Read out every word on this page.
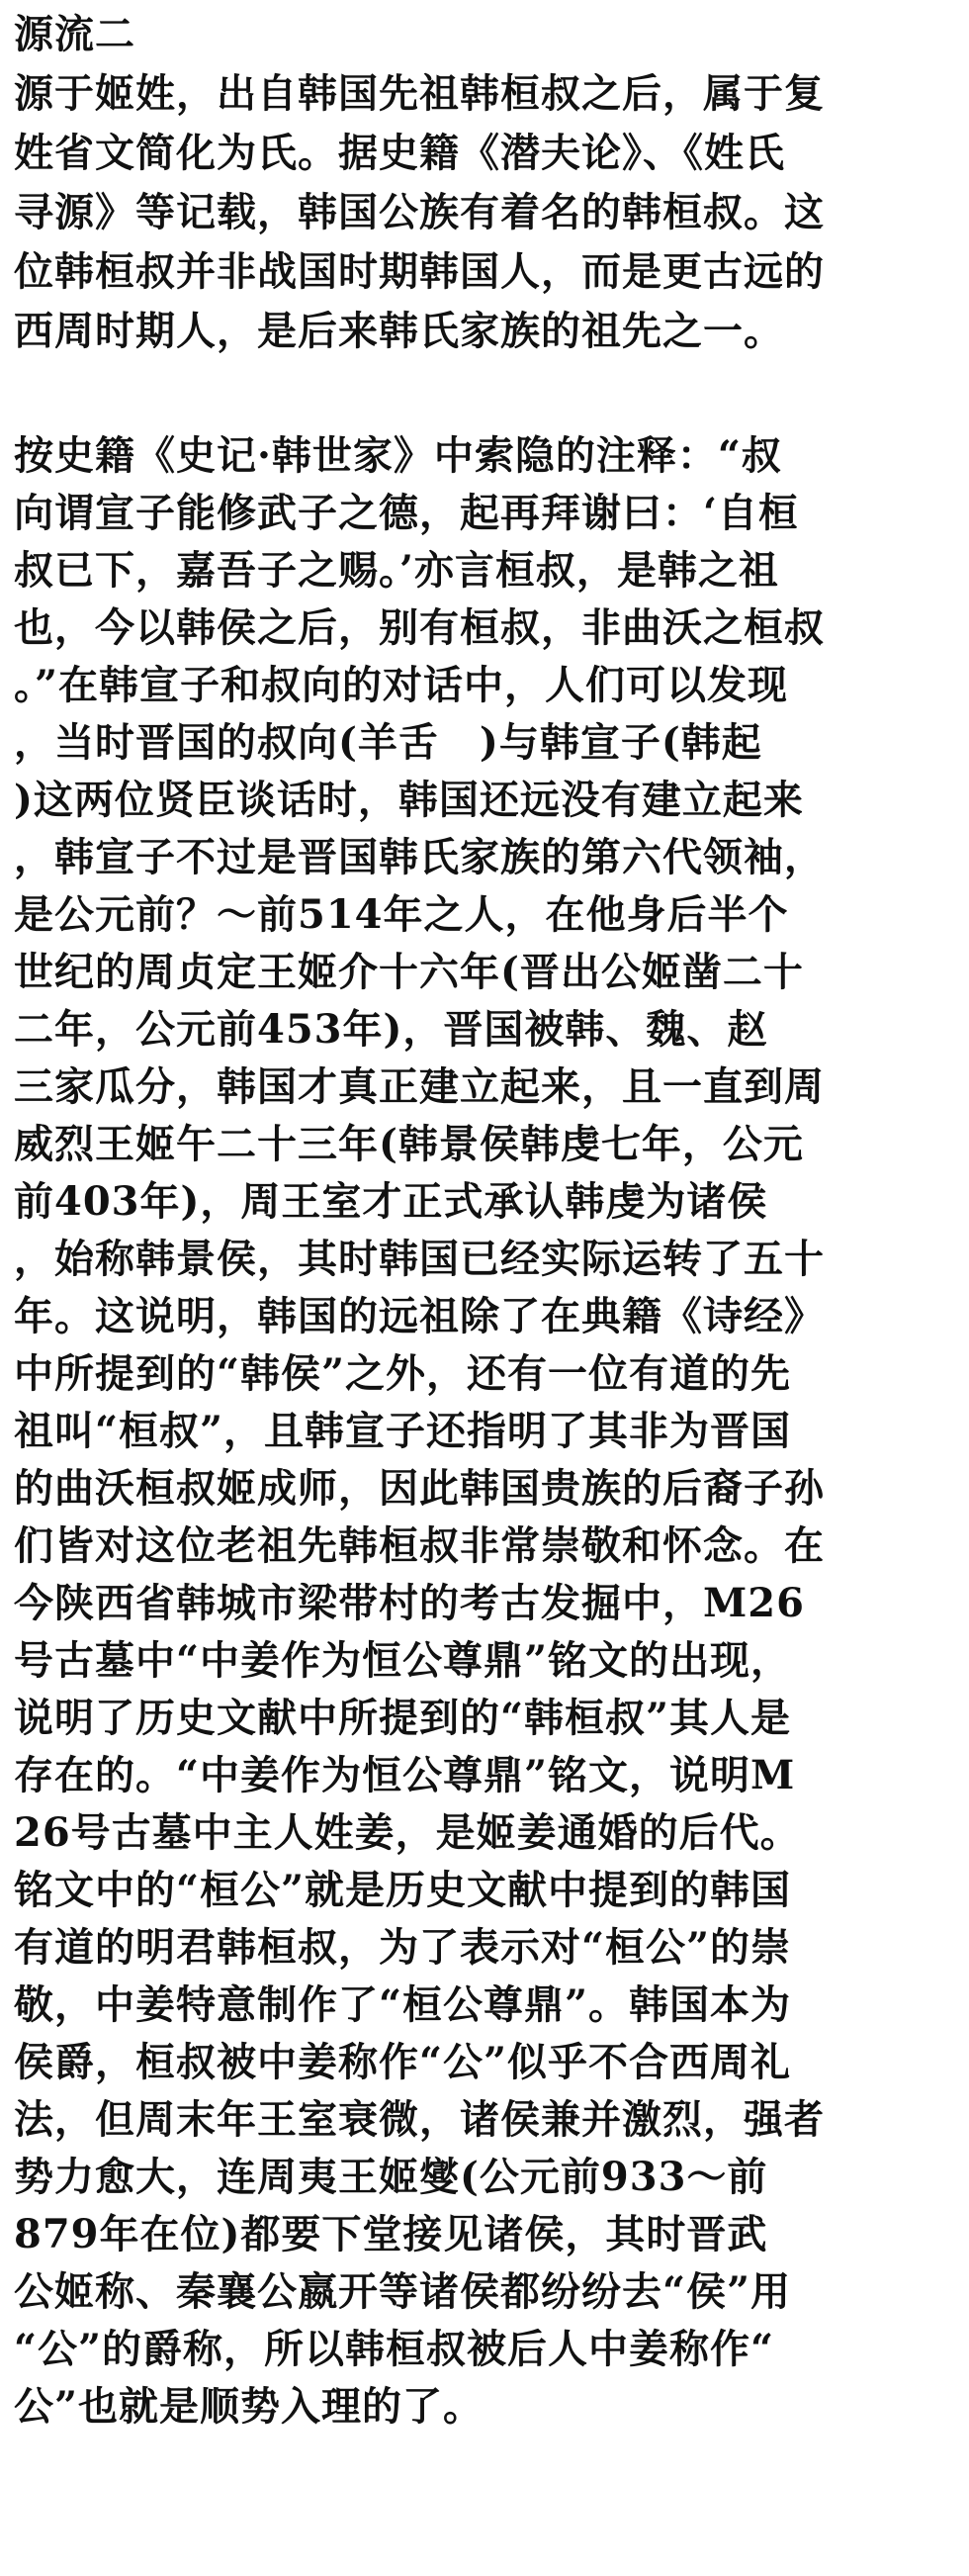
源流二
源于姬姓，出自韩国先祖韩桓叔之后，属于复
姓省文简化为氏。据史籍《潜夫论》、《姓氏
寻源》等记载，韩国公族有着名的韩桓叔。这
位韩桓叔并非战国时期韩国人，而是更古远的
西周时期人，是后来韩氏家族的祖先之一。
按史籍《史记·韩世家》中索隐的注释：“叔
向谓宣子能修武子之德，起再拜谢曰：‘自桓
叔已下，嘉吾子之赐。’亦言桓叔，是韩之祖
也，今以韩侯之后，别有桓叔，非曲沃之桓叔
。”在韩宣子和叔向的对话中，人们可以发现
，当时晋国的叔向(羊舌　)与韩宣子(韩起
)这两位贤臣谈话时，韩国还远没有建立起来
，韩宣子不过是晋国韩氏家族的第六代领袖，
是公元前？～前514年之人，在他身后半个
世纪的周贞定王姬介十六年(晋出公姬凿二十
二年，公元前453年)，晋国被韩、魏、赵
三家瓜分，韩国才真正建立起来，且一直到周
威烈王姬午二十三年(韩景侯韩虔七年，公元
前403年)，周王室才正式承认韩虔为诸侯
，始称韩景侯，其时韩国已经实际运转了五十
年。这说明，韩国的远祖除了在典籍《诗经》
中所提到的“韩侯”之外，还有一位有道的先
祖叫“桓叔”，且韩宣子还指明了其非为晋国
的曲沃桓叔姬成师，因此韩国贵族的后裔子孙
们皆对这位老祖先韩桓叔非常崇敬和怀念。在
今陕西省韩城市梁带村的考古发掘中，M26
号古墓中“中姜作为恒公尊鼎”铭文的出现，
说明了历史文献中所提到的“韩桓叔”其人是
存在的。“中姜作为恒公尊鼎”铭文，说明M
26号古墓中主人姓姜，是姬姜通婚的后代。
铭文中的“桓公”就是历史文献中提到的韩国
有道的明君韩桓叔，为了表示对“桓公”的崇
敬，中姜特意制作了“桓公尊鼎”。韩国本为
侯爵，桓叔被中姜称作“公”似乎不合西周礼
法，但周末年王室衰微，诸侯兼并激烈，强者
势力愈大，连周夷王姬燮(公元前933～前
879年在位)都要下堂接见诸侯，其时晋武
公姬称、秦襄公嬴开等诸侯都纷纷去“侯”用
“公”的爵称，所以韩桓叔被后人中姜称作“
公”也就是顺势入理的了。
